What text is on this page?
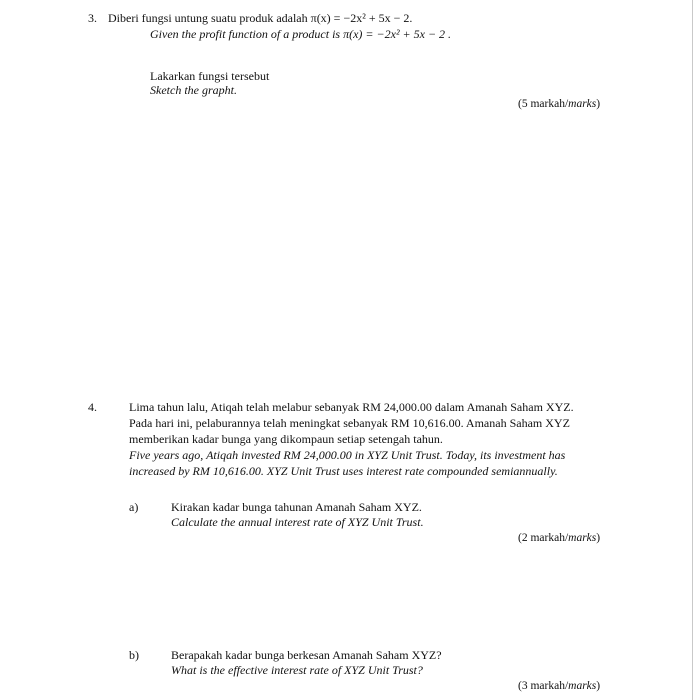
3. Diberi fungsi untung suatu produk adalah π(x) = −2x² + 5x − 2.
Given the profit function of a product is π(x) = −2x² + 5x − 2 .
Lakarkan fungsi tersebut
Sketch the grapht.
(5 markah/marks)
4.	Lima tahun lalu, Atiqah telah melabur sebanyak RM 24,000.00 dalam Amanah Saham XYZ.
Pada hari ini, pelaburannya telah meningkat sebanyak RM 10,616.00. Amanah Saham XYZ
memberikan kadar bunga yang dikompaun setiap setengah tahun.
Five years ago, Atiqah invested RM 24,000.00 in XYZ Unit Trust. Today, its investment has
increased by RM 10,616.00. XYZ Unit Trust uses interest rate compounded semiannually.
a)	Kirakan kadar bunga tahunan Amanah Saham XYZ.
Calculate the annual interest rate of XYZ Unit Trust.
(2 markah/marks)
b)	Berapakah kadar bunga berkesan Amanah Saham XYZ?
What is the effective interest rate of XYZ Unit Trust?
(3 markah/marks)
